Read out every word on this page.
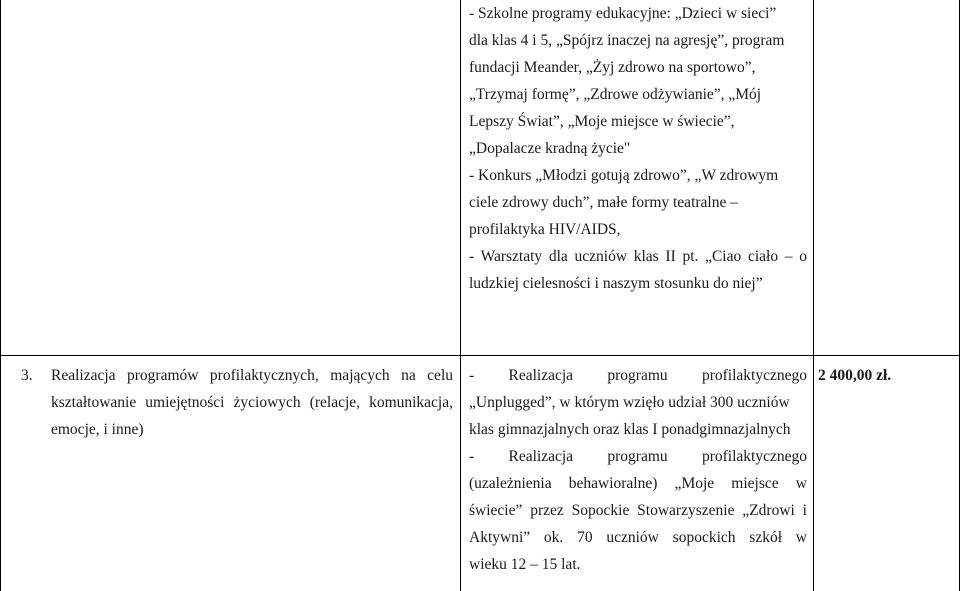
- Szkolne programy edukacyjne: „Dzieci w sieci”
dla klas 4 i 5, „Spójrz inaczej na agresję”, program
fundacji Meander, „Żyj zdrowo na sportowo”,
„Trzymaj formę”, „Zdrowe odżywianie”, „Mój
Lepszy Świat”, „Moje miejsce w świecie”,
„Dopalacze kradną życie"
- Konkurs „Młodzi gotują zdrowo”, „W zdrowym
ciele zdrowy duch”, małe formy teatralne –
profilaktyka HIV/AIDS,
- Warsztaty dla uczniów klas II pt. „Ciao ciało – o
ludzkiej cielesności i naszym stosunku do niej”
3. Realizacja programów profilaktycznych, mających na celu
kształtowanie umiejętności życiowych (relacje, komunikacja,
emocje, i inne)
- Realizacja programu profilaktycznego
„Unplugged”, w którym wzięło udział 300 uczniów
klas gimnazjalnych oraz klas I ponadgimnazjalnych
- Realizacja programu profilaktycznego
(uzależnienia behawioralne) „Moje miejsce w
świecie” przez Sopockie Stowarzyszenie „Zdrowi i
Aktywni” ok. 70 uczniów sopockich szkół w
wieku 12 – 15 lat.
2 400,00 zł.
